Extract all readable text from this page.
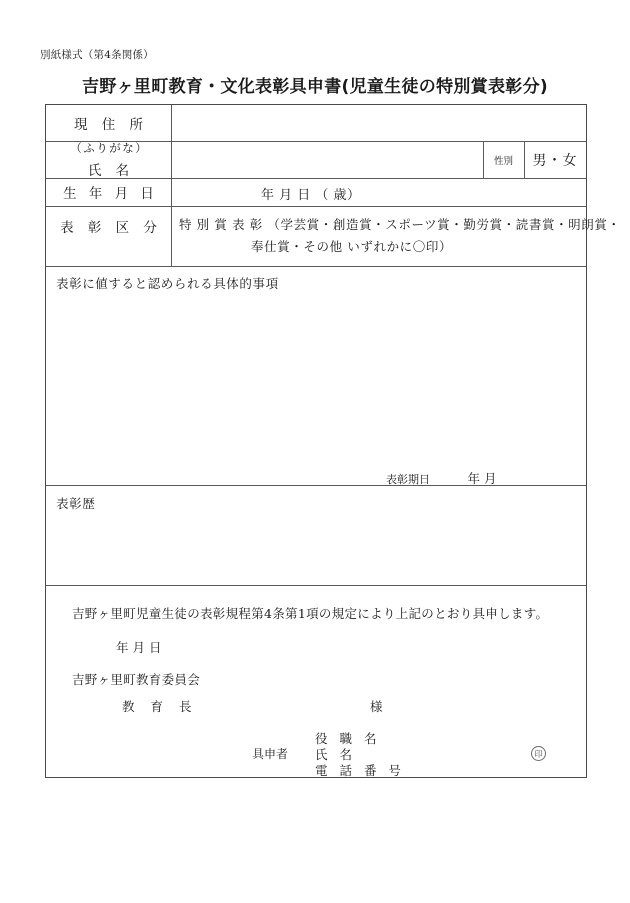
別紙様式（第4条関係）
吉野ヶ里町教育・文化表彰具申書(児童生徒の特別賞表彰分)
現 住 所
（ふりがな）
氏 名
性別	男・女
生 年 月 日	年 月 日 （ 歳）
表 彰 区 分	特 別 賞 表 彰 （学芸賞・創造賞・スポーツ賞・勤労賞・読書賞・明朗賞・
奉仕賞・その他 いずれかに〇印）
表彰に値すると認められる具体的事項
表彰期日	年 月
表彰歴
吉野ヶ里町児童生徒の表彰規程第4条第1項の規定により上記のとおり具申します。
年 月 日
吉野ヶ里町教育委員会
教 育 長	様
具申者
役 職 名
氏 名
電 話 番 号
印
